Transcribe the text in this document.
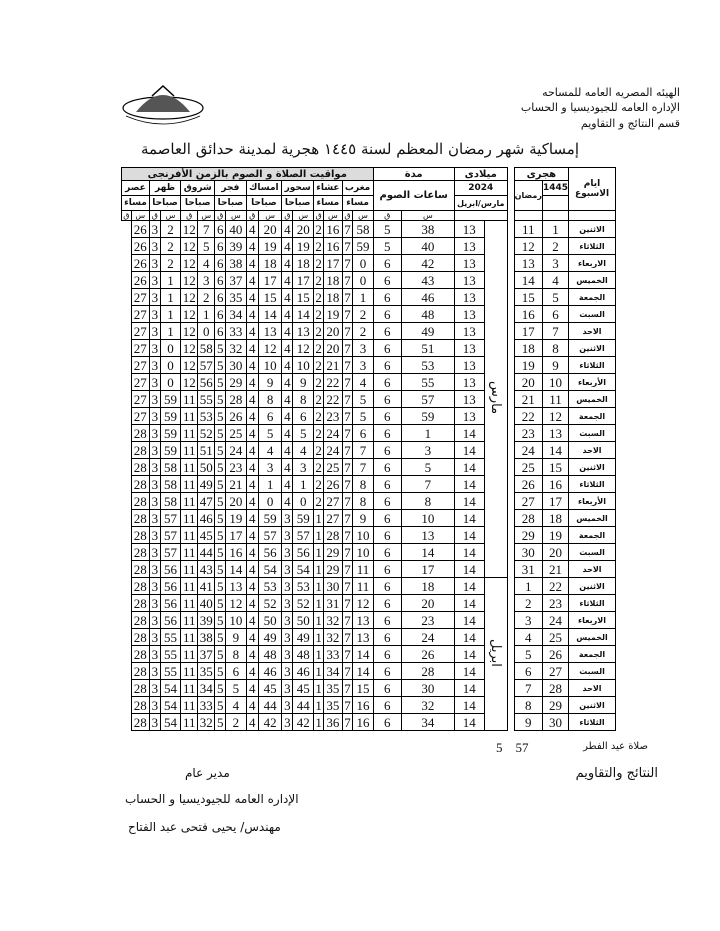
الهيئه المصريه العامه للمساحه
الإداره العامه للجيوديسيا و الحساب
قسم النتائج و التقاويم
إمساكية شهر رمضان المعظم لسنة ١٤٤٥ هجرية لمدينة حدائق العاصمة
ايام الاسبوع	هجرى			ميلادى		مدة		مواقيت الصلاة و الصوم بالزمن الأفرنجى															
	1445	رمضان		2024		ساعات الصوم		مغرب		عشاء		سحور		امساك		فجر		شروق		ظهر		عصر	
				مارس/ابريل				مساء		مساء		صباحا		صباحا		صباحا		صباحا		صباحا		مساء	
						س	ق	س	ق	س	ق	س	ق	س	ق	س	ق	س	ق	س	ق	س	ق
الاثنين	1	11		مارس	13	38	5	58	7	16	2	20	4	20	4	40	6	7	12	2	3	26	
الثلاثاء	2	12			13	40	5	59	7	16	2	19	4	19	4	39	6	5	12	2	3	26	
الاربعاء	3	13			13	42	6	0	7	17	2	18	4	18	4	38	6	4	12	2	3	26	
الخميس	4	14			13	43	6	0	7	18	2	17	4	17	4	37	6	3	12	1	3	26	
الجمعة	5	15			13	46	6	1	7	18	2	15	4	15	4	35	6	2	12	1	3	27	
السبت	6	16			13	48	6	2	7	19	2	14	4	14	4	34	6	1	12	1	3	27	
الاحد	7	17			13	49	6	2	7	20	2	13	4	13	4	33	6	0	12	1	3	27	
الاثنين	8	18			13	51	6	3	7	20	2	12	4	12	4	32	5	58	12	0	3	27	
الثلاثاء	9	19			13	53	6	3	7	21	2	10	4	10	4	30	5	57	12	0	3	27	
الأربعاء	10	20			13	55	6	4	7	22	2	9	4	9	4	29	5	56	12	0	3	27	
الخميس	11	21			13	57	6	5	7	22	2	8	4	8	4	28	5	55	11	59	3	27	
الجمعة	12	22			13	59	6	5	7	23	2	6	4	6	4	26	5	53	11	59	3	27	
السبت	13	23			14	1	6	6	7	24	2	5	4	5	4	25	5	52	11	59	3	28	
الاحد	14	24			14	3	6	7	7	24	2	4	4	4	4	24	5	51	11	59	3	28	
الاثنين	15	25			14	5	6	7	7	25	2	3	4	3	4	23	5	50	11	58	3	28	
الثلاثاء	16	26			14	7	6	8	7	26	2	1	4	1	4	21	5	49	11	58	3	28	
الأربعاء	17	27			14	8	6	8	7	27	2	0	4	0	4	20	5	47	11	58	3	28	
الخميس	18	28			14	10	6	9	7	27	1	59	3	59	4	19	5	46	11	57	3	28	
الجمعة	19	29			14	13	6	10	7	28	1	57	3	57	4	17	5	45	11	57	3	28	
السبت	20	30			14	14	6	10	7	29	1	56	3	56	4	16	5	44	11	57	3	28	
الاحد	21	31			14	17	6	11	7	29	1	54	3	54	4	14	5	43	11	56	3	28	
الاثنين	22	1		ابريل	14	18	6	11	7	30	1	53	3	53	4	13	5	41	11	56	3	28	
الثلاثاء	23	2			14	20	6	12	7	31	1	52	3	52	4	12	5	40	11	56	3	28	
الاربعاء	24	3			14	23	6	13	7	32	1	50	3	50	4	10	5	39	11	56	3	28	
الخميس	25	4			14	24	6	13	7	32	1	49	3	49	4	9	5	38	11	55	3	28	
الجمعة	26	5			14	26	6	14	7	33	1	48	3	48	4	8	5	37	11	55	3	28	
السبت	27	6			14	28	6	14	7	34	1	46	3	46	4	6	5	35	11	55	3	28	
الاحد	28	7			14	30	6	15	7	35	1	45	3	45	4	5	5	34	11	54	3	28	
الاثنين	29	8			14	32	6	16	7	35	1	44	3	44	4	4	5	33	11	54	3	28	
الثلاثاء	30	9			14	34	6	16	7	36	1	42	3	42	4	2	5	32	11	54	3	28	
5 57	صلاة عيد الفطر
النتائج والتقاويم
مدير عام
الإداره العامه للجيوديسيا و الحساب
مهندس/ يحيى فتحى عبد الفتاح
